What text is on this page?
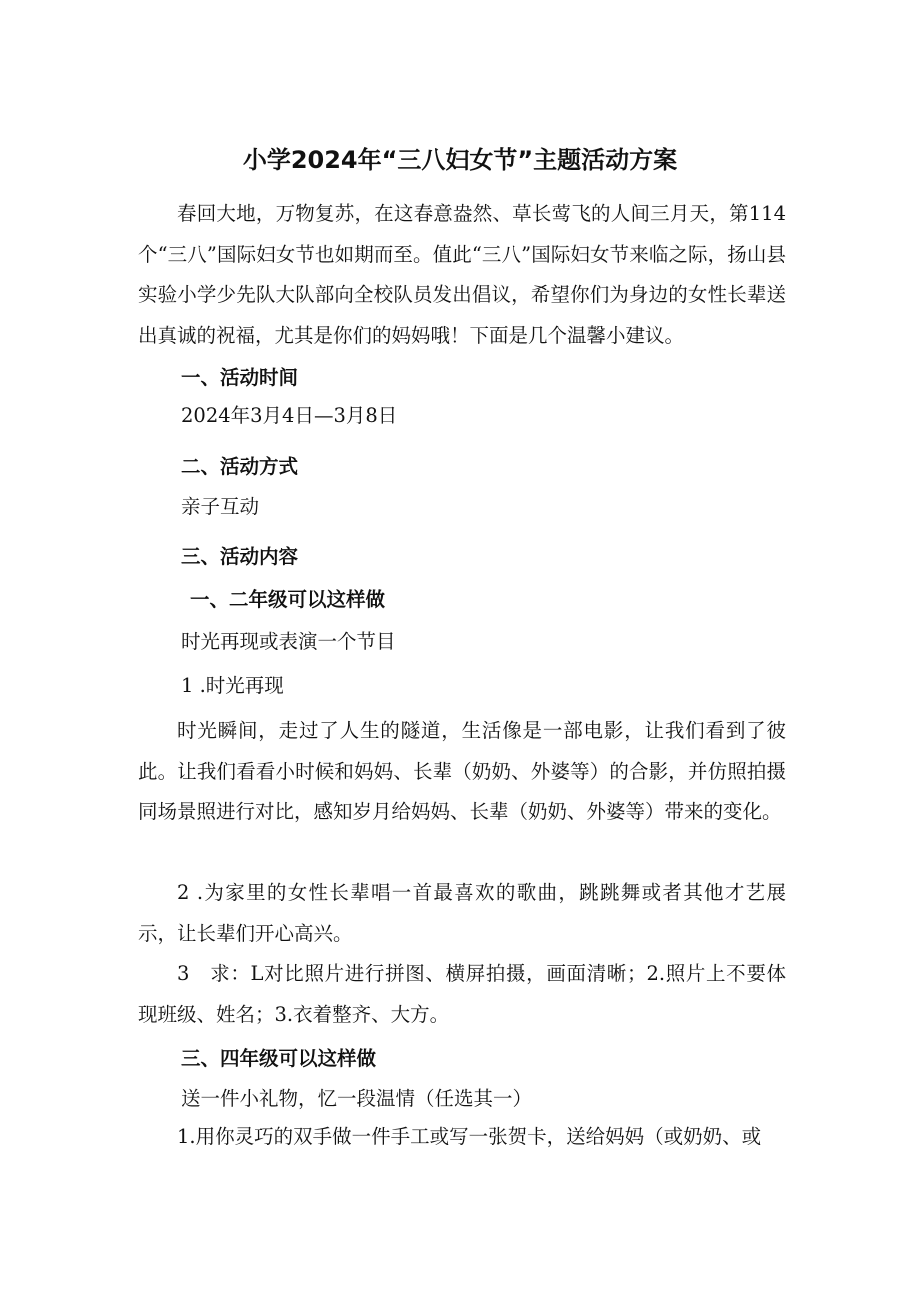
小学2024年“三八妇女节”主题活动方案
春回大地，万物复苏，在这春意盎然、草长莺飞的人间三月天，第114个“三八”国际妇女节也如期而至。值此“三八”国际妇女节来临之际，扬山县实验小学少先队大队部向全校队员发出倡议，希望你们为身边的女性长辈送出真诚的祝福，尤其是你们的妈妈哦！下面是几个温馨小建议。
一、活动时间
2024年3月4日—3月8日
二、活动方式
亲子互动
三、活动内容
一、二年级可以这样做
时光再现或表演一个节目
1 .时光再现
时光瞬间，走过了人生的隧道，生活像是一部电影，让我们看到了彼此。让我们看看小时候和妈妈、长辈（奶奶、外婆等）的合影，并仿照拍摄同场景照进行对比，感知岁月给妈妈、长辈（奶奶、外婆等）带来的变化。
2 .为家里的女性长辈唱一首最喜欢的歌曲，跳跳舞或者其他才艺展示，让长辈们开心高兴。
3　求：L对比照片进行拼图、横屏拍摄，画面清晰；2.照片上不要体现班级、姓名；3.衣着整齐、大方。
三、四年级可以这样做
送一件小礼物，忆一段温情（任选其一）
1.用你灵巧的双手做一件手工或写一张贺卡，送给妈妈（或奶奶、或
